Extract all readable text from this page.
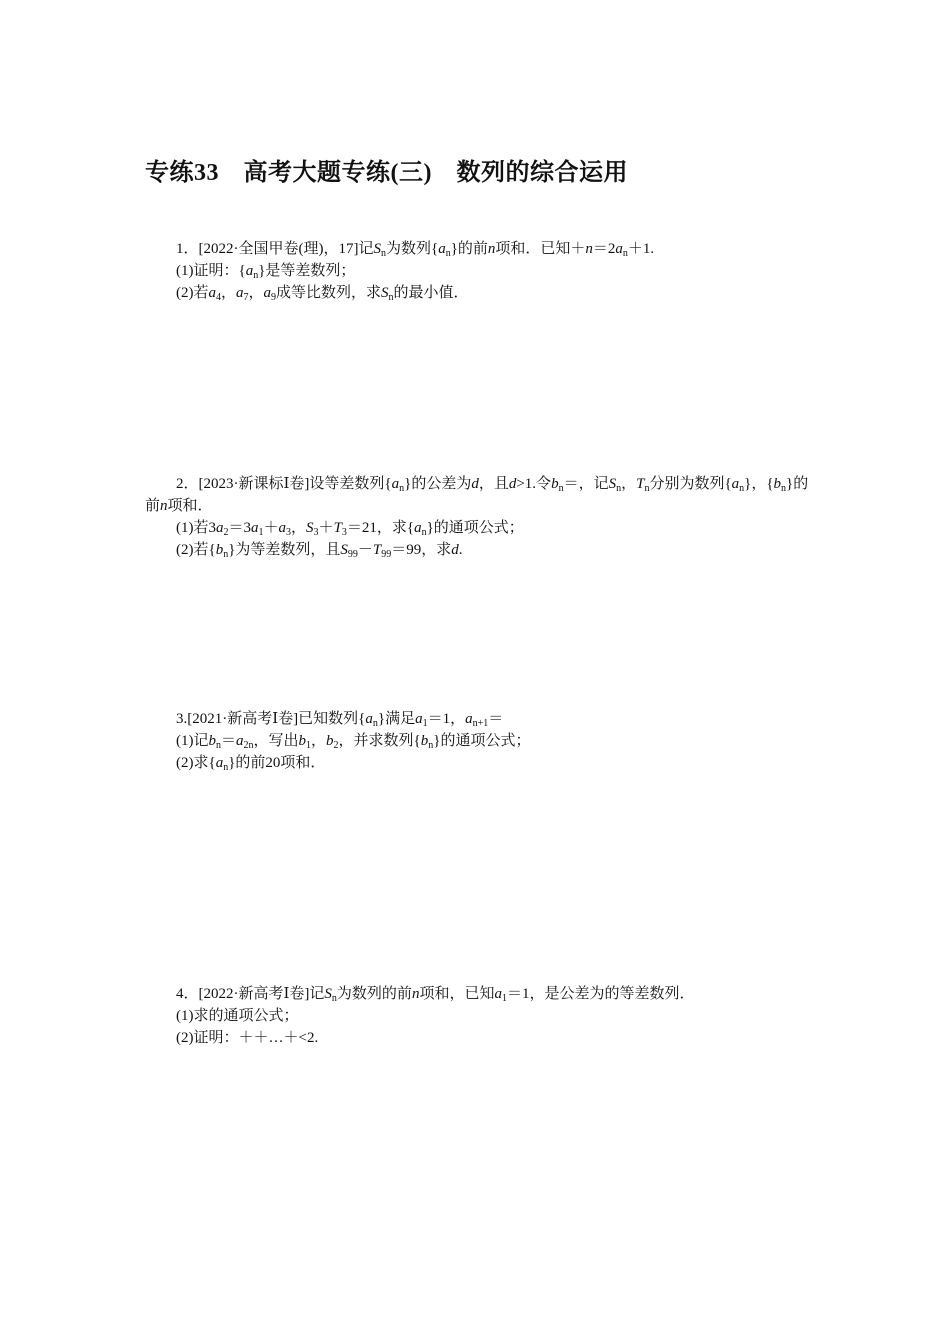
专练33　高考大题专练(三)　数列的综合运用
1．[2022·全国甲卷(理)，17]记$S_n$为数列$\{a_n\}$的前n项和．已知$+n=2a_n+1$.
(1)证明：$\{a_n\}$是等差数列；
(2)若$a_4$，$a_7$，$a_9$成等比数列，求$S_n$的最小值．
2．[2023·新课标Ⅰ卷]设等差数列$\{a_n\}$的公差为d，且d>1.令$b_n=$，记$S_n$，$T_n$分别为数列$\{a_n\}$，$\{b_n\}$的前n项和．
(1)若$3a_2=3a_1+a_3$，$S_3+T_3=21$，求$\{a_n\}$的通项公式；
(2)若$\{b_n\}$为等差数列，且$S_{99}-T_{99}=99$，求d.
3.[2021·新高考Ⅰ卷]已知数列$\{a_n\}$满足$a_1=1$，$a_{n+1}=$
(1)记$b_n=a_{2n}$，写出$b_1$，$b_2$，并求数列$\{b_n\}$的通项公式；
(2)求$\{a_n\}$的前20项和．
4．[2022·新高考Ⅰ卷]记$S_n$为数列的前n项和，已知$a_1=1$，是公差为的等差数列．
(1)求的通项公式；
(2)证明：＋＋…＋<2.
